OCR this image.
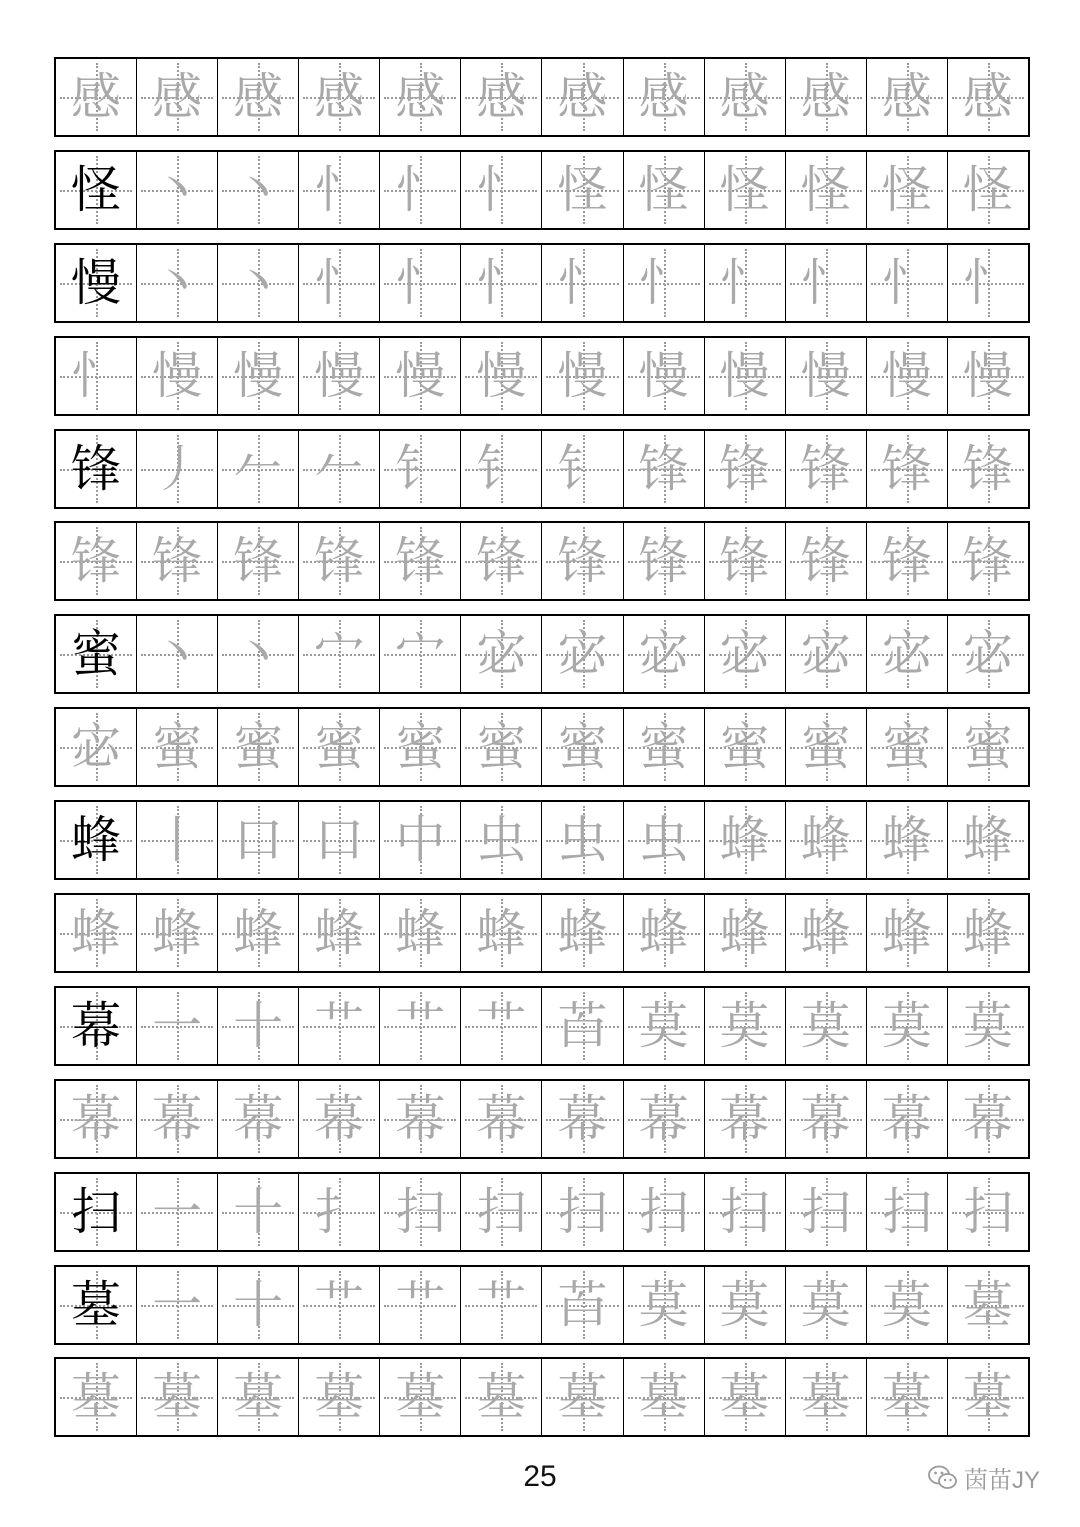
感 感 感 感 感 感 感 感 感 感 感 感
怪 丶 丶 忄 忄 忄 怪 怪 怪 怪 怪 怪
慢 丶 丶 忄 忄 忄 忄 忄 忄 忄 忄 忄
忄 慢 慢 慢 慢 慢 慢 慢 慢 慢 慢 慢
锋 丿 𠂉 𠂉 钅 钅 钅 锋 锋 锋 锋 锋
锋 锋 锋 锋 锋 锋 锋 锋 锋 锋 锋 锋
蜜 丶 丶 宀 宀 宓 宓 宓 宓 宓 宓 宓
宓 蜜 蜜 蜜 蜜 蜜 蜜 蜜 蜜 蜜 蜜 蜜
蜂 丨 口 口 中 虫 虫 虫 蜂 蜂 蜂 蜂
蜂 蜂 蜂 蜂 蜂 蜂 蜂 蜂 蜂 蜂 蜂 蜂
幕 一 十 艹 艹 艹 苩 莫 莫 莫 莫 莫
幕 幕 幕 幕 幕 幕 幕 幕 幕 幕 幕 幕
扫 一 十 扌 扫 扫 扫 扫 扫 扫 扫 扫
墓 一 十 艹 艹 艹 苩 莫 莫 莫 莫 墓
墓 墓 墓 墓 墓 墓 墓 墓 墓 墓 墓 墓
25	茵苗JY
